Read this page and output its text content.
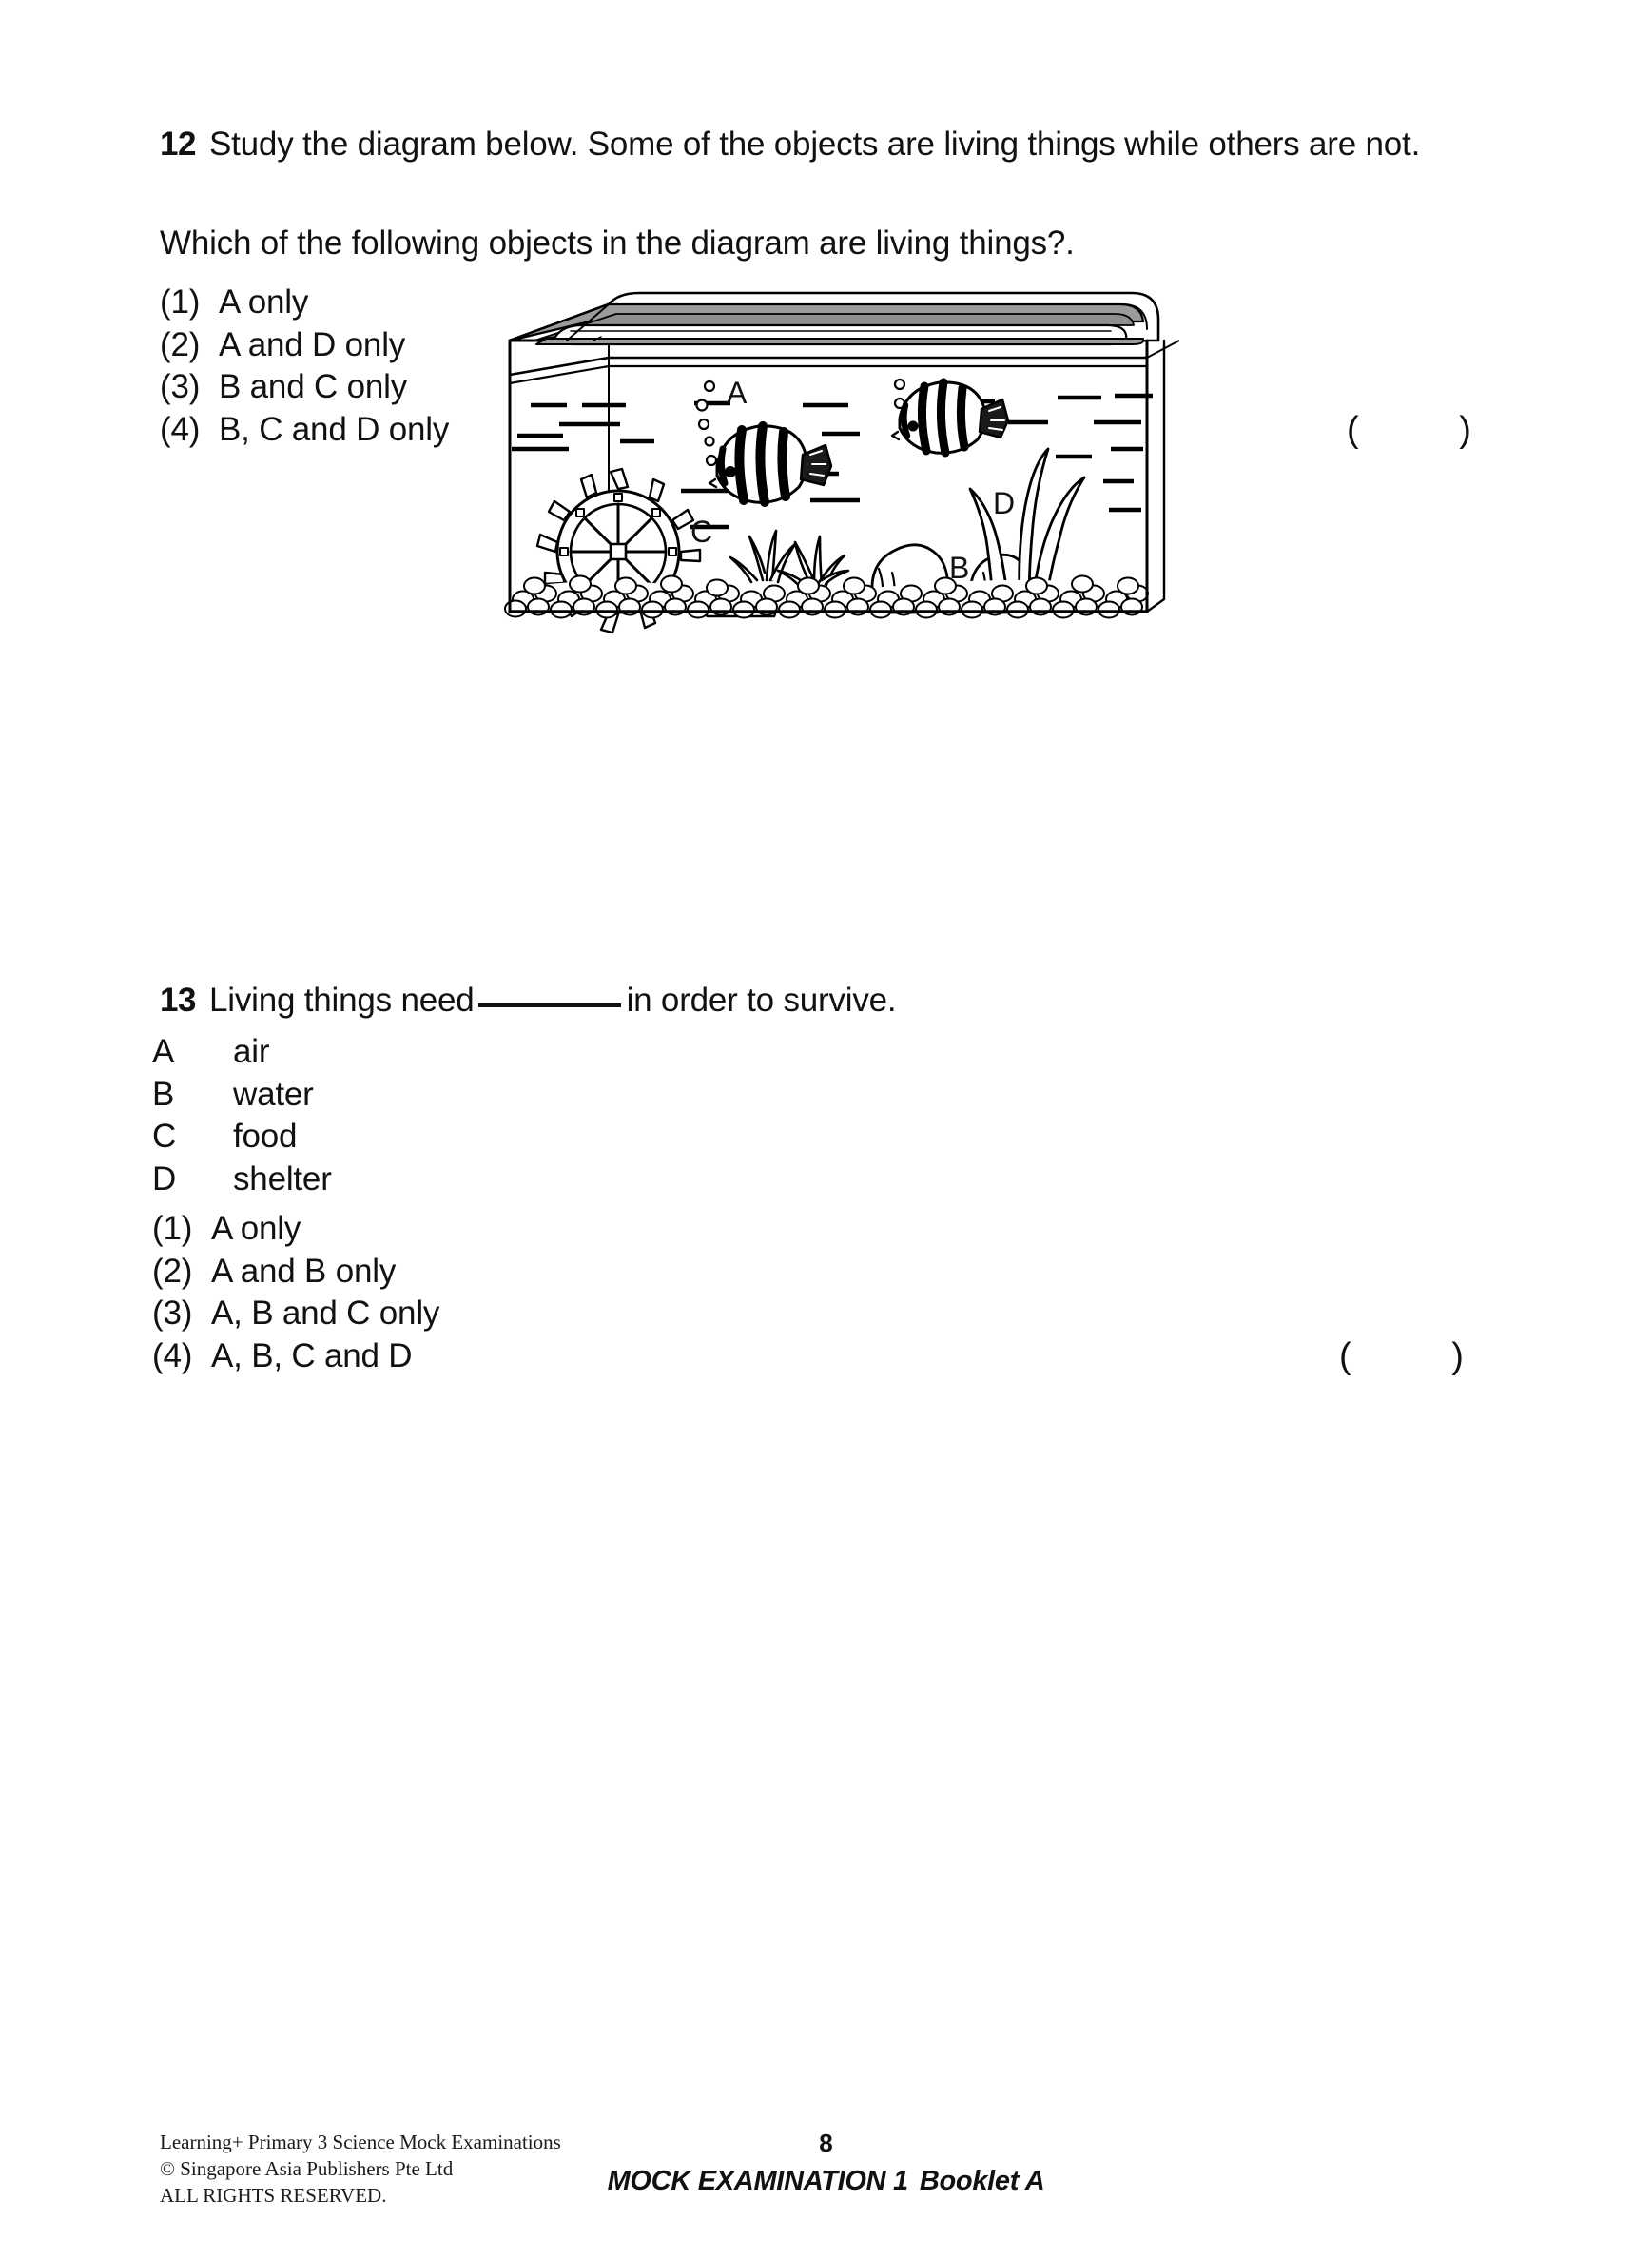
12 Study the diagram below. Some of the objects are living things while others are not.
Which of the following objects in the diagram are living things?.
(1) A only
(2) A and D only
(3) B and C only
(4) B, C and D only	(          )
A
B
C
D
13 Living things need	in order to survive.
A	air
B	water
C	food
D	shelter
(1) A only
(2) A and B only
(3) A, B and C only
(4) A, B, C and D	(          )
Learning+ Primary 3 Science Mock Examinations
© Singapore Asia Publishers Pte Ltd
ALL RIGHTS RESERVED.
8
MOCK EXAMINATION 1 Booklet A
